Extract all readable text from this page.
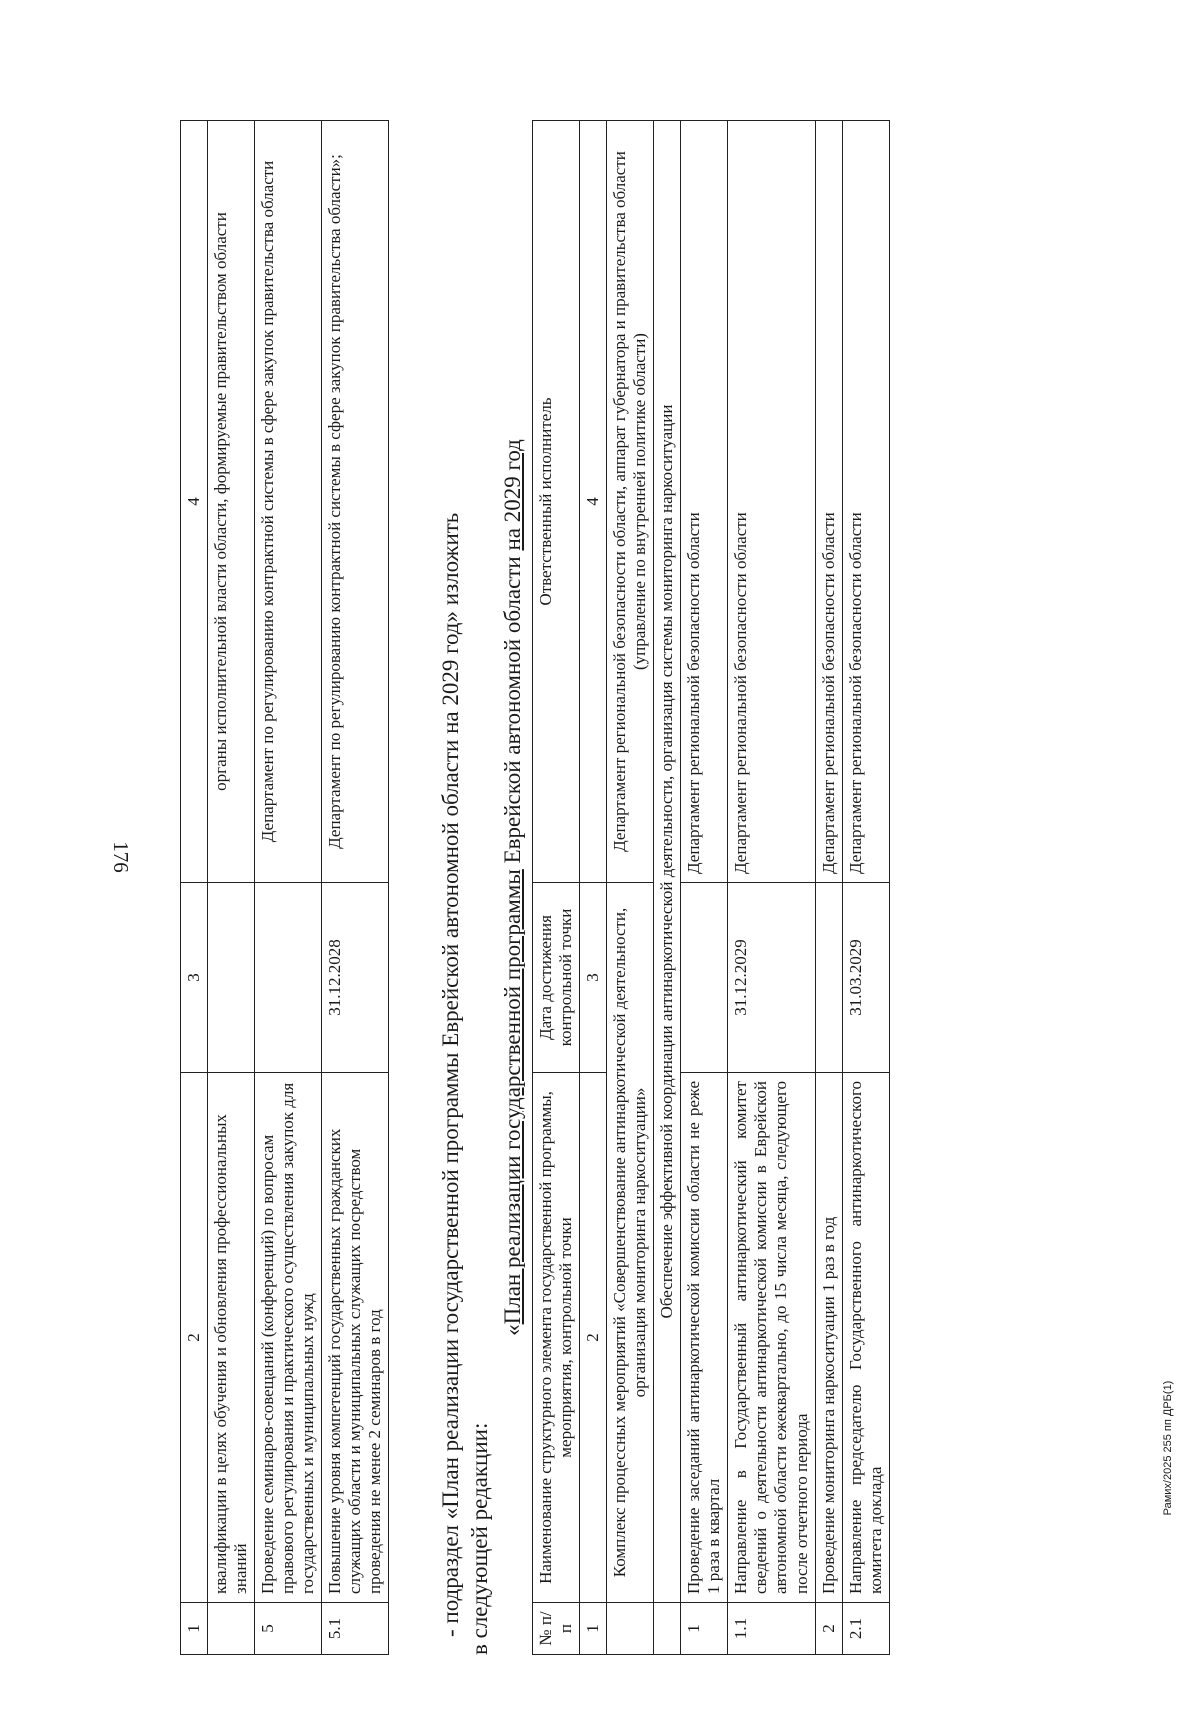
176
Рамих/2025 255 пп ДРБ(1)
1	2	3	4
	квалификации в целях обучения и обновления профессиональных знаний		органы исполнительной власти области, формируемые правительством области
5	Проведение семинаров-совещаний (конференций) по вопросам правового регулирования и практического осуществления закупок для государственных и муниципальных нужд		Департамент по регулированию контрактной системы в сфере закупок правительства области
5.1	Повышение уровня компетенций государственных гражданских служащих области и муниципальных служащих посредством проведения не менее 2 семинаров в год	31.12.2028	Департамент по регулированию контрактной системы в сфере закупок правительства области»;
- подраздел «План реализации государственной программы Еврейской автономной области на 2029 год» изложить в следующей редакции:
«План реализации государственной программы Еврейской автономной области на 2029 год
№ п/п	Наименование структурного элемента государственной программы, мероприятия, контрольной точки	Дата достижения контрольной точки	Ответственный исполнитель
1	2	3	4
	Комплекс процессных мероприятий «Совершенствование антинаркотической деятельности, организация мониторинга наркоситуации»		Департамент региональной безопасности области, аппарат губернатора и правительства области (управление по внутренней политике области)
	Обеспечение эффективной координации антинаркотической деятельности, организация системы мониторинга наркоситуации		
1	Проведение заседаний антинаркотической комиссии области не реже 1 раза в квартал		Департамент региональной безопасности области
1.1	Направление в Государственный антинаркотический комитет сведений о деятельности антинаркотической комиссии в Еврейской автономной области ежеквартально, до 15 числа месяца, следующего после отчетного периода	31.12.2029	Департамент региональной безопасности области
2	Проведение мониторинга наркоситуации 1 раз в год		Департамент региональной безопасности области
2.1	Направление председателю Государственного антинаркотического комитета доклада	31.03.2029	Департамент региональной безопасности области
